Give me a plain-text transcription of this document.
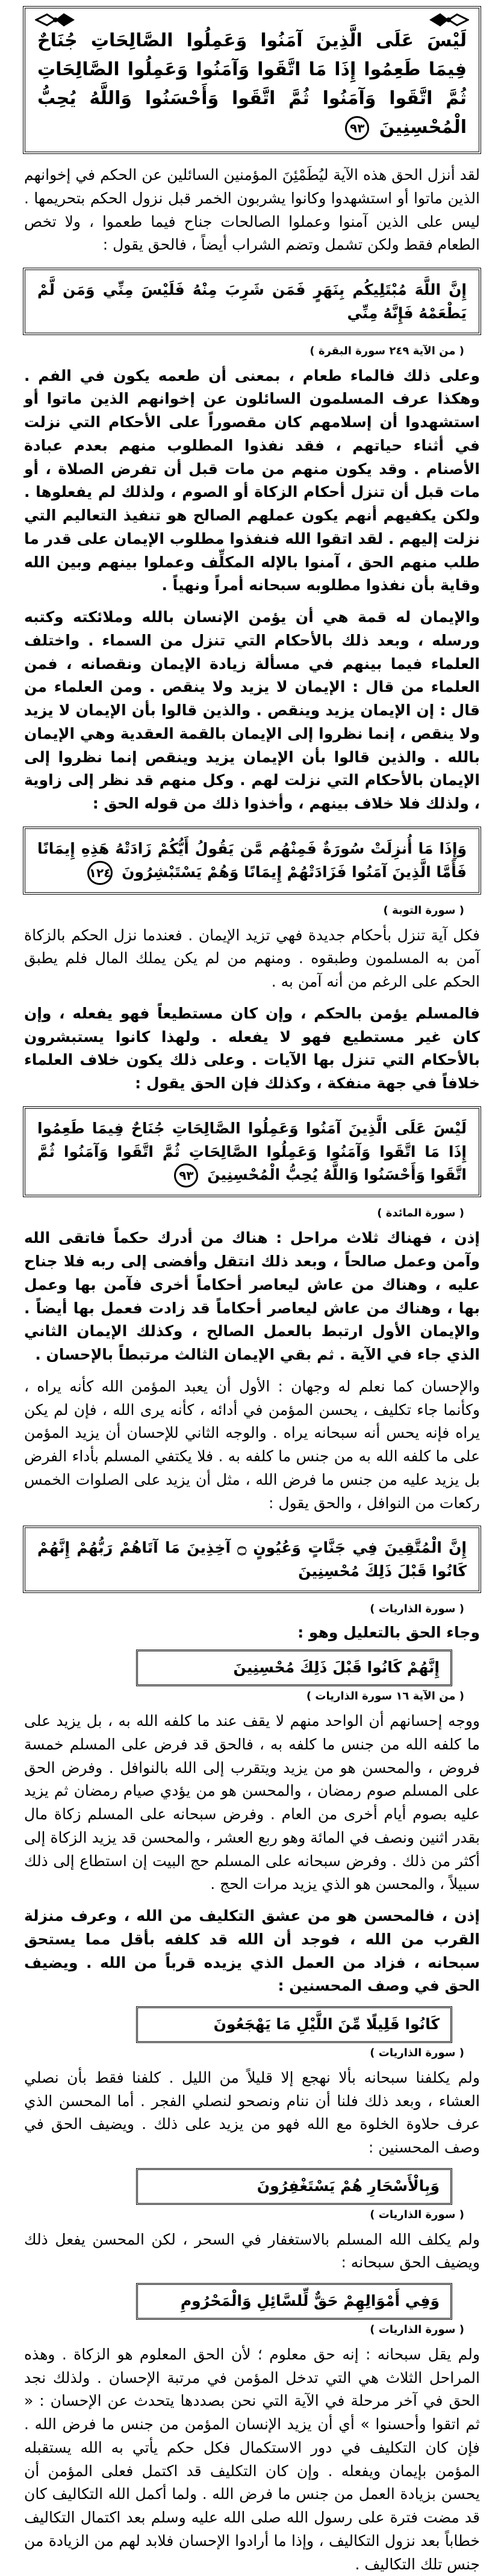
لَيْسَ عَلَى الَّذِينَ آمَنُوا وَعَمِلُوا الصَّالِحَاتِ جُنَاحٌ فِيمَا طَعِمُوا إِذَا مَا اتَّقَوا وَآمَنُوا وَعَمِلُوا الصَّالِحَاتِ ثُمَّ اتَّقَوا وَآمَنُوا ثُمَّ اتَّقَوا وَأَحْسَنُوا وَاللَّهُ يُحِبُّ الْمُحْسِنِينَ ٩٣

لقد أنزل الحق هذه الآية ليُطَمْئِنَ المؤمنين السائلين عن الحكم في إخوانهم الذين ماتوا أو استشهدوا وكانوا يشربون الخمر قبل نزول الحكم بتحريمها . ليس على الذين آمنوا وعملوا الصالحات جناح فيما طعموا ، ولا تخص الطعام فقط ولكن تشمل وتضم الشراب أيضاً ، فالحق يقول :

إِنَّ اللَّهَ مُبْتَلِيكُم بِنَهَرٍ فَمَن شَرِبَ مِنْهُ فَلَيْسَ مِنِّي وَمَن لَّمْ يَطْعَمْهُ فَإِنَّهُ مِنِّي
( من الآية ٢٤٩ سورة البقرة )

وعلى ذلك فالماء طعام ، بمعنى أن طعمه يكون في الفم . وهكذا عرف المسلمون السائلون عن إخوانهم الذين ماتوا أو استشهدوا أن إسلامهم كان مقصوراً على الأحكام التي نزلت في أثناء حياتهم ، فقد نفذوا المطلوب منهم بعدم عبادة الأصنام . وقد يكون منهم من مات قبل أن تفرض الصلاة ، أو مات قبل أن تنزل أحكام الزكاة أو الصوم ، ولذلك لم يفعلوها . ولكن يكفيهم أنهم يكون عملهم الصالح هو تنفيذ التعاليم التي نزلت إليهم . لقد اتقوا الله فنفذوا مطلوب الإيمان على قدر ما طلب منهم الحق ، آمنوا بالإله المكلِّف وعملوا بينهم وبين الله وقاية بأن نفذوا مطلوبه سبحانه أمراً ونهياً .

والإيمان له قمة هي أن يؤمن الإنسان بالله وملائكته وكتبه ورسله ، وبعد ذلك بالأحكام التي تنزل من السماء . واختلف العلماء فيما بينهم في مسألة زيادة الإيمان ونقصانه ، فمن العلماء من قال : الإيمان لا يزيد ولا ينقص . ومن العلماء من قال : إن الإيمان يزيد وينقص . والذين قالوا بأن الإيمان لا يزيد ولا ينقص ، إنما نظروا إلى الإيمان بالقمة العقدية وهي الإيمان بالله . والذين قالوا بأن الإيمان يزيد وينقص إنما نظروا إلى الإيمان بالأحكام التي نزلت لهم . وكل منهم قد نظر إلى زاوية ، ولذلك فلا خلاف بينهم ، وأخذوا ذلك من قوله الحق :

وَإِذَا مَا أُنزِلَتْ سُورَةٌ فَمِنْهُم مَّن يَقُولُ أَيُّكُمْ زَادَتْهُ هَذِهِ إِيمَانًا فَأَمَّا الَّذِينَ آمَنُوا فَزَادَتْهُمْ إِيمَانًا وَهُمْ يَسْتَبْشِرُونَ ١٢٤
( سورة التوبة )

فكل آية تنزل بأحكام جديدة فهي تزيد الإيمان . فعندما نزل الحكم بالزكاة آمن به المسلمون وطبقوه . ومنهم من لم يكن يملك المال فلم يطبق الحكم على الرغم من أنه آمن به .

فالمسلم يؤمن بالحكم ، وإن كان مستطيعاً فهو يفعله ، وإن كان غير مستطيع فهو لا يفعله . ولهذا كانوا يستبشرون بالأحكام التي تنزل بها الآيات . وعلى ذلك يكون خلاف العلماء خلافاً في جهة منفكة ، وكذلك فإن الحق يقول :

لَيْسَ عَلَى الَّذِينَ آمَنُوا وَعَمِلُوا الصَّالِحَاتِ جُنَاحٌ فِيمَا طَعِمُوا إِذَا مَا اتَّقَوا وَآمَنُوا وَعَمِلُوا الصَّالِحَاتِ ثُمَّ اتَّقَوا وَآمَنُوا ثُمَّ اتَّقَوا وَأَحْسَنُوا وَاللَّهُ يُحِبُّ الْمُحْسِنِينَ ٩٣
( سورة المائدة )

إذن ، فهناك ثلاث مراحل : هناك من أدرك حكماً فاتقى الله وآمن وعمل صالحاً ، وبعد ذلك انتقل وأفضى إلى ربه فلا جناح عليه ، وهناك من عاش ليعاصر أحكاماً أخرى فآمن بها وعمل بها ، وهناك من عاش ليعاصر أحكاماً قد زادت فعمل بها أيضاً . والإيمان الأول ارتبط بالعمل الصالح ، وكذلك الإيمان الثاني الذي جاء في الآية . ثم بقي الإيمان الثالث مرتبطاً بالإحسان .

والإحسان كما نعلم له وجهان : الأول أن يعبد المؤمن الله كأنه يراه ، وكأنما جاء تكليف ، يحسن المؤمن في أدائه ، كأنه يرى الله ، فإن لم يكن يراه فإنه يحس أنه سبحانه يراه . والوجه الثاني للإحسان أن يزيد المؤمن على ما كلفه الله به من جنس ما كلفه به . فلا يكتفي المسلم بأداء الفرض بل يزيد عليه من جنس ما فرض الله ، مثل أن يزيد على الصلوات الخمس ركعات من النوافل ، والحق يقول :

إِنَّ الْمُتَّقِينَ فِي جَنَّاتٍ وَعُيُونٍ ۝ آخِذِينَ مَا آتَاهُمْ رَبُّهُمْ إِنَّهُمْ كَانُوا قَبْلَ ذَلِكَ مُحْسِنِينَ
( سورة الذاريات )
وجاء الحق بالتعليل وهو :
إِنَّهُمْ كَانُوا قَبْلَ ذَلِكَ مُحْسِنِينَ
( من الآية ١٦ سورة الذاريات )

ووجه إحسانهم أن الواحد منهم لا يقف عند ما كلفه الله به ، بل يزيد على ما كلفه الله من جنس ما كلفه به ، فالحق قد فرض على المسلم خمسة فروض ، والمحسن هو من يزيد ويتقرب إلى الله بالنوافل . وفرض الحق على المسلم صوم رمضان ، والمحسن هو من يؤدي صيام رمضان ثم يزيد عليه بصوم أيام أخرى من العام . وفرض سبحانه على المسلم زكاة مال بقدر اثنين ونصف في المائة وهو ربع العشر ، والمحسن قد يزيد الزكاة إلى أكثر من ذلك . وفرض سبحانه على المسلم حج البيت إن استطاع إلى ذلك سبيلاً ، والمحسن هو الذي يزيد مرات الحج .

إذن ، فالمحسن هو من عشق التكليف من الله ، وعرف منزلة القرب من الله ، فوجد أن الله قد كلفه بأقل مما يستحق سبحانه ، فزاد من العمل الذي يزيده قرباً من الله . ويضيف الحق في وصف المحسنين :

كَانُوا قَلِيلًا مِّنَ اللَّيْلِ مَا يَهْجَعُونَ
( سورة الذاريات )

ولم يكلفنا سبحانه بألا نهجع إلا قليلاً من الليل . كلفنا فقط بأن نصلي العشاء ، وبعد ذلك فلنا أن ننام ونصحو لنصلي الفجر . أما المحسن الذي عرف حلاوة الخلوة مع الله فهو من يزيد على ذلك . ويضيف الحق في وصف المحسنين :

وَبِالْأَسْحَارِ هُمْ يَسْتَغْفِرُونَ
( سورة الذاريات )

ولم يكلف الله المسلم بالاستغفار في السحر ، لكن المحسن يفعل ذلك ويضيف الحق سبحانه :

وَفِي أَمْوَالِهِمْ حَقٌّ لِّلسَّائِلِ وَالْمَحْرُومِ
( سورة الذاريات )

ولم يقل سبحانه : إنه حق معلوم ؛ لأن الحق المعلوم هو الزكاة . وهذه المراحل الثلاث هي التي تدخل المؤمن في مرتبة الإحسان . ولذلك نجد الحق في آخر مرحلة في الآية التي نحن بصددها يتحدث عن الإحسان : « ثم اتقوا وأحسنوا » أي أن يزيد الإنسان المؤمن من جنس ما فرض الله . فإن كان التكليف في دور الاستكمال فكل حكم يأتي به الله يستقبله المؤمن بإيمان ويفعله . وإن كان التكليف قد اكتمل فعلى المؤمن أن يحسن بزيادة العمل من جنس ما فرض الله . ولما أكمل الله التكاليف كان قد مضت فترة على رسول الله صلى الله عليه وسلم بعد اكتمال التكاليف خطاباً بعد نزول التكاليف ، وإذا ما أرادوا الإحسان فلابد لهم من الزيادة من جنس تلك التكاليف .
